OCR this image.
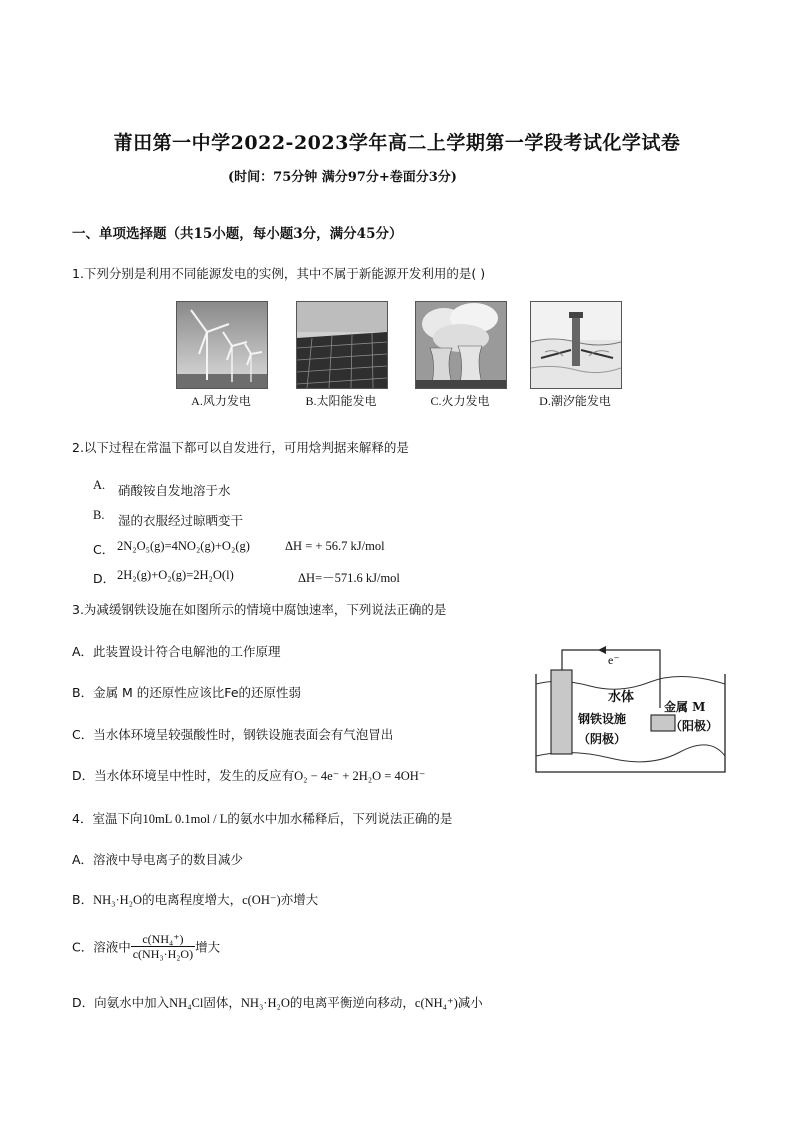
莆田第一中学2022-2023学年高二上学期第一学段考试化学试卷
(时间：75分钟 满分97分+卷面分3分)
一、单项选择题（共15小题，每小题3分，满分45分）
1.下列分别是利用不同能源发电的实例，其中不属于新能源开发利用的是( )
A.风力发电	B.太阳能发电	C.火力发电	D.潮汐能发电
2.以下过程在常温下都可以自发进行，可用焓判据来解释的是
A. 硝酸铵自发地溶于水
B. 湿的衣服经过晾晒变干
C． 2N₂O₅(g)=4NO₂(g)+O₂(g)	ΔH = + 56.7 kJ/mol
D． 2H₂(g)+O₂(g)=2H₂O(l)	ΔH=－571.6 kJ/mol
3.为减缓钢铁设施在如图所示的情境中腐蚀速率，下列说法正确的是
A．此装置设计符合电解池的工作原理
B．金属 M 的还原性应该比Fe的还原性弱
C．当水体环境呈较强酸性时，钢铁设施表面会有气泡冒出
D．当水体环境呈中性时，发生的反应有O₂ − 4e⁻ + 2H₂O = 4OH⁻
e⁻
水体
钢铁设施
（阴极）
金属 M
（阳极）
4．室温下向10mL 0.1mol / L的氨水中加水稀释后，下列说法正确的是
A．溶液中导电离子的数目减少
B．NH₃·H₂O的电离程度增大，c(OH⁻)亦增大
C．溶液中 $\frac{\text{c(NH₄⁺)}}{\text{c(NH₃·H₂O)}}$ 增大
D．向氨水中加入NH₄Cl固体，NH₃·H₂O的电离平衡逆向移动，c(NH₄⁺)减小
